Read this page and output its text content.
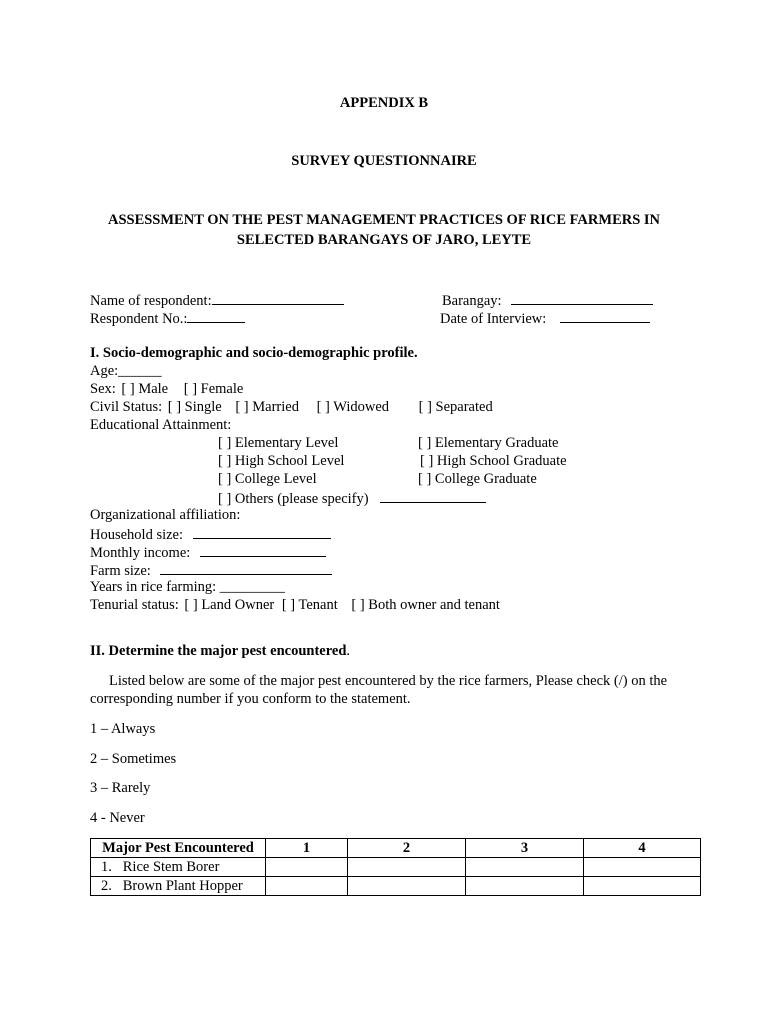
APPENDIX B
SURVEY QUESTIONNAIRE
ASSESSMENT ON THE PEST MANAGEMENT PRACTICES OF RICE FARMERS IN
SELECTED BARANGAYS OF JARO, LEYTE
Name of respondent:
Respondent No.:
Barangay:
Date of Interview:
I. Socio-demographic and socio-demographic profile.
Age:______
Sex: [ ] Male [ ] Female
Civil Status: [ ] Single [ ] Married [ ] Widowed [ ] Separated
Educational Attainment:
[ ] Elementary Level	[ ] Elementary Graduate
[ ] High School Level	[ ] High School Graduate
[ ] College Level	[ ] College Graduate
[ ] Others (please specify)
Organizational affiliation:
Household size:
Monthly income:
Farm size:
Years in rice farming: _________
Tenurial status: [ ] Land Owner [ ] Tenant [ ] Both owner and tenant
II. Determine the major pest encountered.
Listed below are some of the major pest encountered by the rice farmers, Please check (/) on the
corresponding number if you conform to the statement.
1 – Always
2 – Sometimes
3 – Rarely
4 - Never
Major Pest Encountered	1	2	3	4
1. Rice Stem Borer				
2. Brown Plant Hopper				
